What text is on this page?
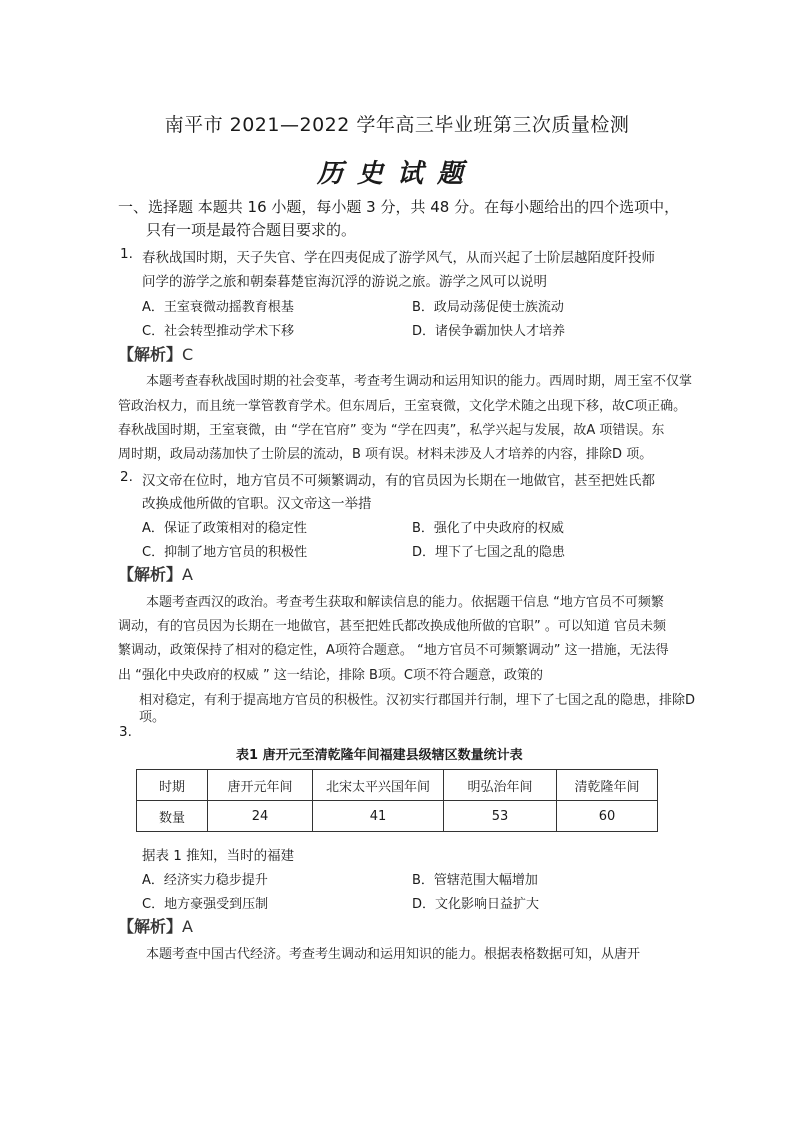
南平市 2021—2022 学年高三毕业班第三次质量检测
历史试题
一、选择题 本题共 16 小题，每小题 3 分，共 48 分。在每小题给出的四个选项中，
只有一项是最符合题目要求的。
1. 春秋战国时期，天子失官、学在四夷促成了游学风气，从而兴起了士阶层越陌度阡投师
问学的游学之旅和朝秦暮楚宦海沉浮的游说之旅。游学之风可以说明
A．王室衰微动摇教育根基	B．政局动荡促使士族流动
C．社会转型推动学术下移	D．诸侯争霸加快人才培养
【解析】C
本题考查春秋战国时期的社会变革，考查考生调动和运用知识的能力。西周时期，周王室不仅掌
管政治权力，而且统一掌管教育学术。但东周后，王室衰微，文化学术随之出现下移，故C项正确。
春秋战国时期，王室衰微，由 “学在官府” 变为 “学在四夷”，私学兴起与发展，故A 项错误。东
周时期，政局动荡加快了士阶层的流动，B 项有误。材料未涉及人才培养的内容，排除D 项。
2. 汉文帝在位时，地方官员不可频繁调动，有的官员因为长期在一地做官，甚至把姓氏都
改换成他所做的官职。汉文帝这一举措
A．保证了政策相对的稳定性	B．强化了中央政府的权威
C．抑制了地方官员的积极性	D．埋下了七国之乱的隐患
【解析】A
本题考查西汉的政治。考查考生获取和解读信息的能力。依据题干信息 “地方官员不可频繁
调动，有的官员因为长期在一地做官，甚至把姓氏都改换成他所做的官职” 。可以知道 官员未频
繁调动，政策保持了相对的稳定性，A项符合题意。 “地方官员不可频繁调动” 这一措施，无法得
出 “强化中央政府的权威 ” 这一结论，排除 B项。C项不符合题意，政策的
相对稳定，有利于提高地方官员的积极性。汉初实行郡国并行制，埋下了七国之乱的隐患，排除D
项。
3.
表1 唐开元至清乾隆年间福建县级辖区数量统计表
时期	唐开元年间	北宋太平兴国年间	明弘治年间	清乾隆年间
数量	24	41	53	60
据表 1 推知，当时的福建
A．经济实力稳步提升	B．管辖范围大幅增加
C．地方豪强受到压制	D．文化影响日益扩大
【解析】A
本题考查中国古代经济。考查考生调动和运用知识的能力。根据表格数据可知，从唐开
